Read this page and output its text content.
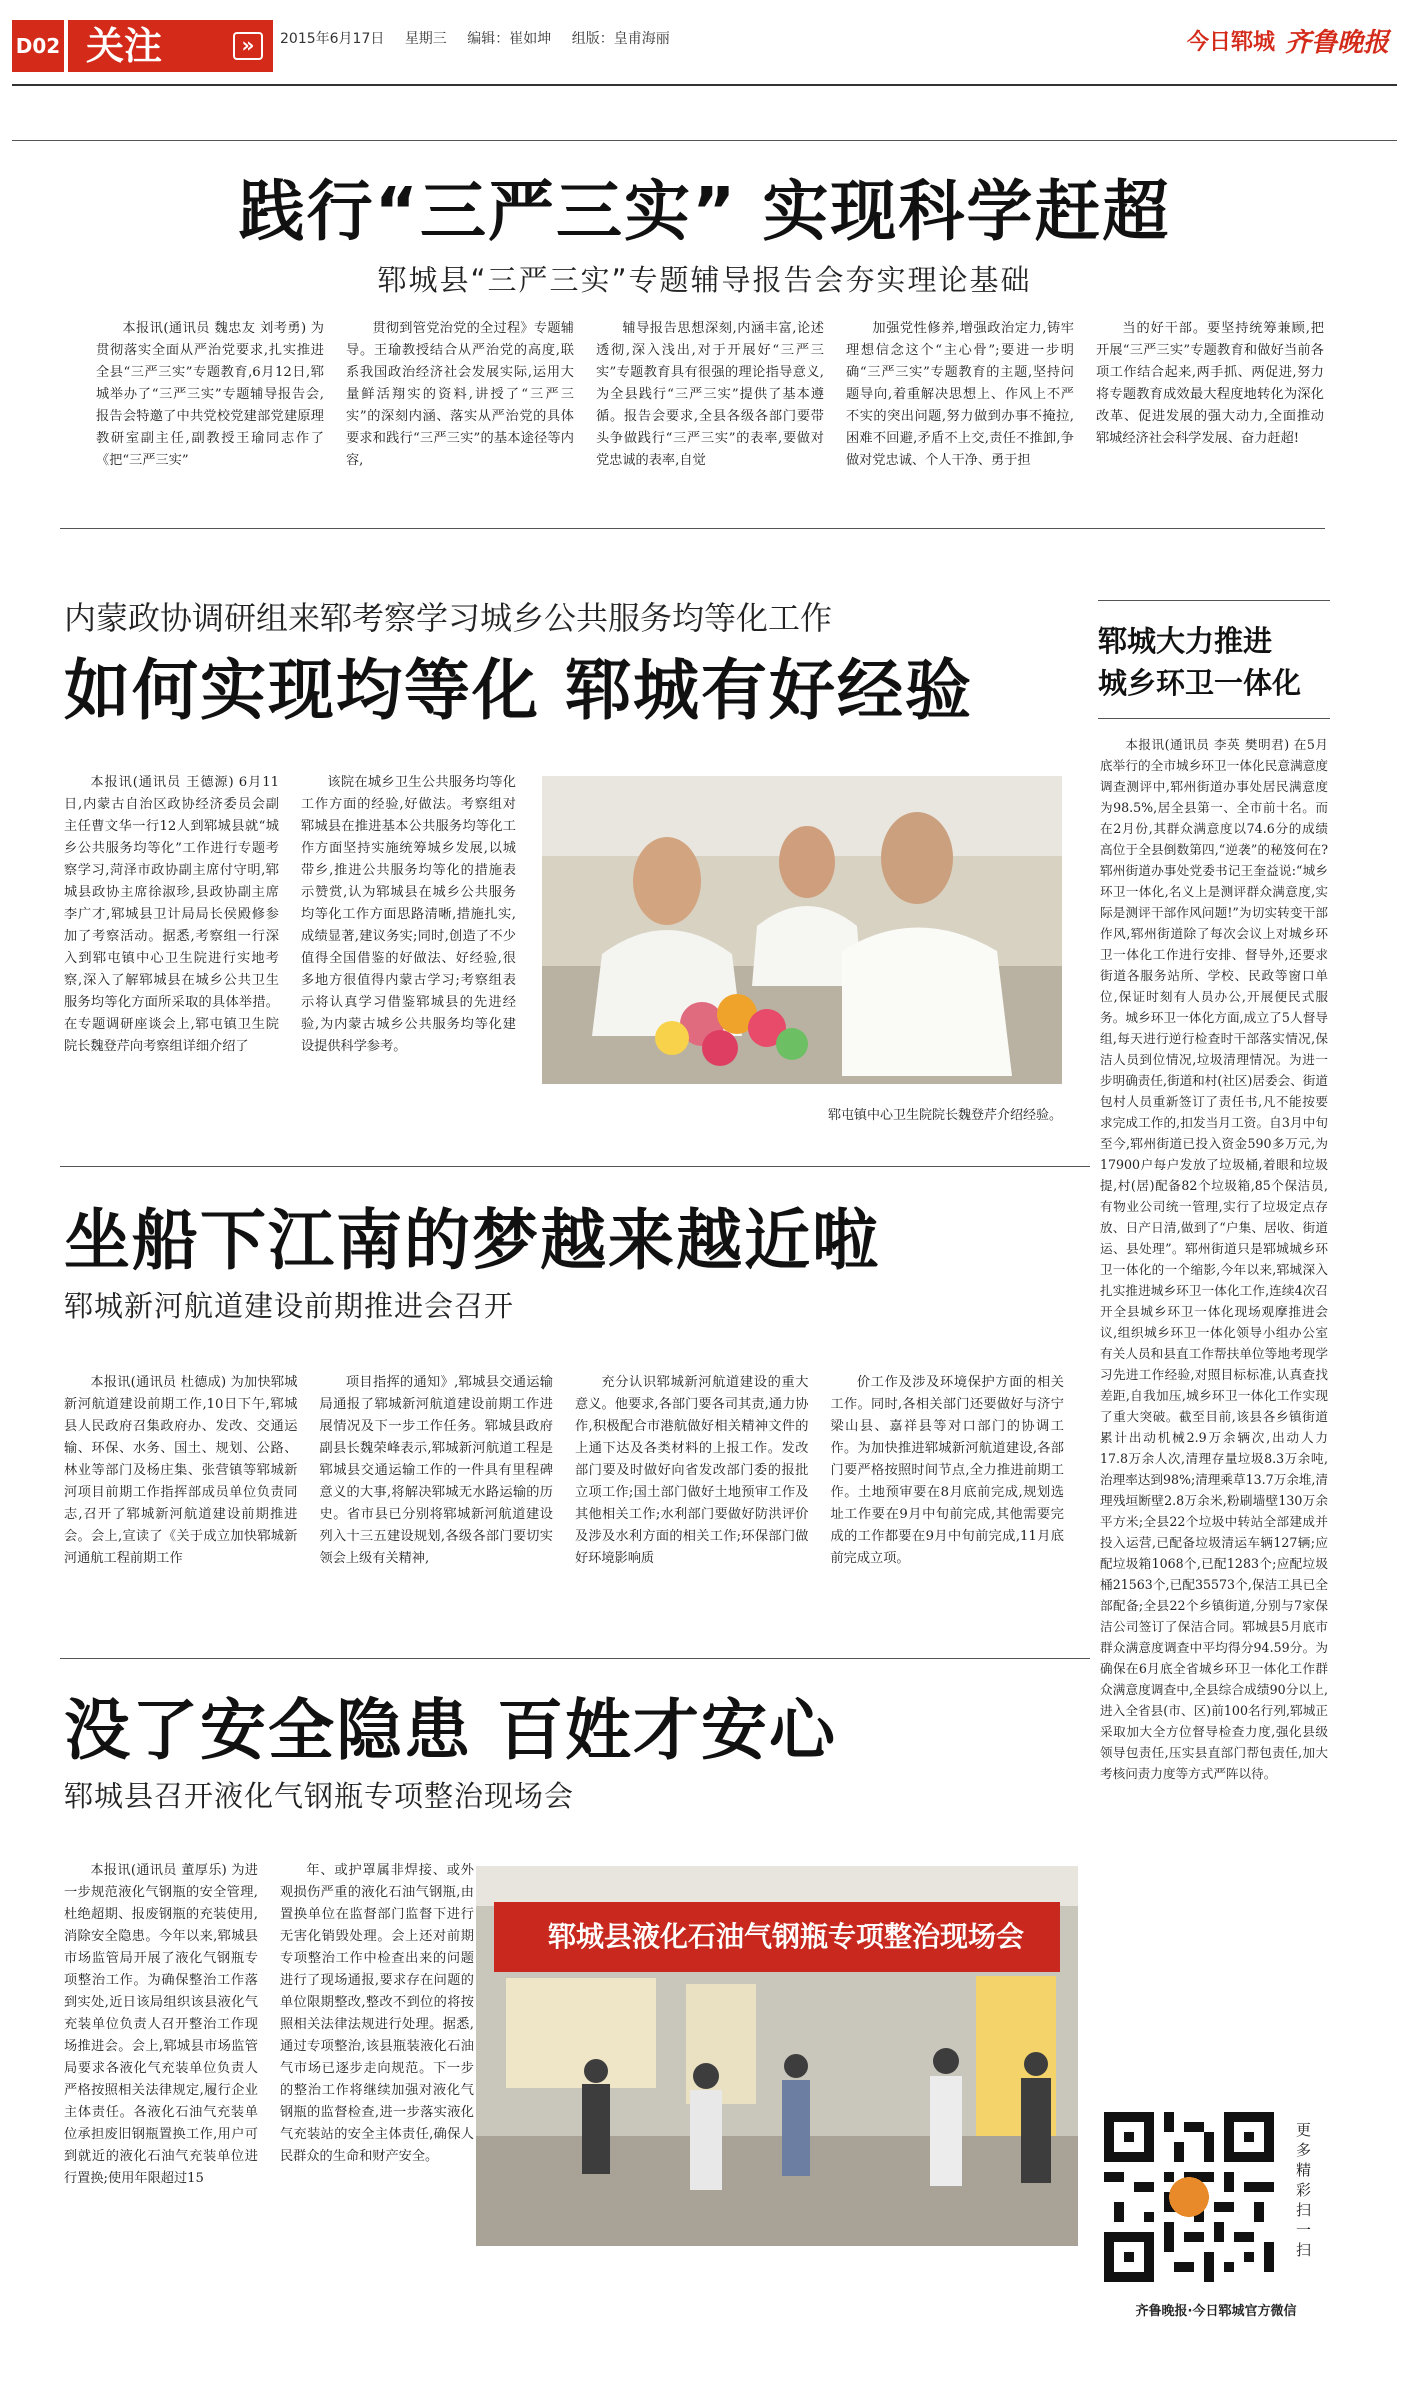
D02 关注	»	2015年6月17日 星期三 编辑：崔如坤 组版：皇甫海丽	今日郓城 齐鲁晚报
践行“三严三实” 实现科学赶超
郓城县“三严三实”专题辅导报告会夯实理论基础

本报讯(通讯员 魏忠友 刘考勇) 为贯彻落实全面从严治党要求,扎实推进全县“三严三实”专题教育,6月12日,郓城举办了“三严三实”专题辅导报告会,报告会特邀了中共党校党建部党建原理教研室副主任,副教授王瑜同志作了《把“三严三实”

贯彻到管党治党的全过程》专题辅导。王瑜教授结合从严治党的高度,联系我国政治经济社会发展实际,运用大量鲜活翔实的资料,讲授了“三严三实”的深刻内涵、落实从严治党的具体要求和践行“三严三实”的基本途径等内容,

辅导报告思想深刻,内涵丰富,论述透彻,深入浅出,对于开展好“三严三实”专题教育具有很强的理论指导意义,为全县践行“三严三实”提供了基本遵循。报告会要求,全县各级各部门要带头争做践行“三严三实”的表率,要做对党忠诚的表率,自觉

加强党性修养,增强政治定力,铸牢理想信念这个“主心骨”;要进一步明确“三严三实”专题教育的主题,坚持问题导向,着重解决思想上、作风上不严不实的突出问题,努力做到办事不掩拉,困难不回避,矛盾不上交,责任不推卸,争做对党忠诚、个人干净、勇于担

当的好干部。要坚持统筹兼顾,把开展“三严三实”专题教育和做好当前各项工作结合起来,两手抓、两促进,努力将专题教育成效最大程度地转化为深化改革、促进发展的强大动力,全面推动郓城经济社会科学发展、奋力赶超!

内蒙政协调研组来郓考察学习城乡公共服务均等化工作
如何实现均等化 郓城有好经验

本报讯(通讯员 王德源) 6月11日,内蒙古自治区政协经济委员会副主任曹文华一行12人到郓城县就“城乡公共服务均等化”工作进行专题考察学习,菏泽市政协副主席付守明,郓城县政协主席徐淑珍,县政协副主席李广才,郓城县卫计局局长侯殿修参加了考察活动。据悉,考察组一行深入到郓屯镇中心卫生院进行实地考察,深入了解郓城县在城乡公共卫生服务均等化方面所采取的具体举措。在专题调研座谈会上,郓屯镇卫生院院长魏登芹向考察组详细介绍了

该院在城乡卫生公共服务均等化工作方面的经验,好做法。考察组对郓城县在推进基本公共服务均等化工作方面坚持实施统筹城乡发展,以城带乡,推进公共服务均等化的措施表示赞赏,认为郓城县在城乡公共服务均等化工作方面思路清晰,措施扎实,成绩显著,建议务实;同时,创造了不少值得全国借鉴的好做法、好经验,很多地方很值得内蒙古学习;考察组表示将认真学习借鉴郓城县的先进经验,为内蒙古城乡公共服务均等化建设提供科学参考。

郓屯镇中心卫生院院长魏登芹介绍经验。
坐船下江南的梦越来越近啦
郓城新河航道建设前期推进会召开

本报讯(通讯员 杜德成) 为加快郓城新河航道建设前期工作,10日下午,郓城县人民政府召集政府办、发改、交通运输、环保、水务、国土、规划、公路、林业等部门及杨庄集、张营镇等郓城新河项目前期工作指挥部成员单位负责同志,召开了郓城新河航道建设前期推进会。会上,宣读了《关于成立加快郓城新河通航工程前期工作

项目指挥的通知》,郓城县交通运输局通报了郓城新河航道建设前期工作进展情况及下一步工作任务。郓城县政府副县长魏荣峰表示,郓城新河航道工程是郓城县交通运输工作的一件具有里程碑意义的大事,将解决郓城无水路运输的历史。省市县已分别将郓城新河航道建设列入十三五建设规划,各级各部门要切实领会上级有关精神,

充分认识郓城新河航道建设的重大意义。他要求,各部门要各司其责,通力协作,积极配合市港航做好相关精神文件的上通下达及各类材料的上报工作。发改部门要及时做好向省发改部门委的报批立项工作;国土部门做好土地预审工作及其他相关工作;水利部门要做好防洪评价及涉及水利方面的相关工作;环保部门做好环境影响质

价工作及涉及环境保护方面的相关工作。同时,各相关部门还要做好与济宁梁山县、嘉祥县等对口部门的协调工作。为加快推进郓城新河航道建设,各部门要严格按照时间节点,全力推进前期工作。土地预审要在8月底前完成,规划选址工作要在9月中旬前完成,其他需要完成的工作都要在9月中旬前完成,11月底前完成立项。

没了安全隐患 百姓才安心
郓城县召开液化气钢瓶专项整治现场会

本报讯(通讯员 董厚乐) 为进一步规范液化气钢瓶的安全管理,杜绝超期、报废钢瓶的充装使用,消除安全隐患。今年以来,郓城县市场监管局开展了液化气钢瓶专项整治工作。为确保整治工作落到实处,近日该局组织该县液化气充装单位负责人召开整治工作现场推进会。会上,郓城县市场监管局要求各液化气充装单位负责人严格按照相关法律规定,履行企业主体责任。各液化石油气充装单位承担废旧钢瓶置换工作,用户可到就近的液化石油气充装单位进行置换;使用年限超过15

年、或护罩属非焊接、或外观损伤严重的液化石油气钢瓶,由置换单位在监督部门监督下进行无害化销毁处理。会上还对前期专项整治工作中检查出来的问题进行了现场通报,要求存在问题的单位限期整改,整改不到位的将按照相关法律法规进行处理。据悉,通过专项整治,该县瓶装液化石油气市场已逐步走向规范。下一步的整治工作将继续加强对液化气钢瓶的监督检查,进一步落实液化气充装站的安全主体责任,确保人民群众的生命和财产安全。

郓城县液化石油气钢瓶专项整治现场会
郓城大力推进
城乡环卫一体化

本报讯(通讯员 李英 樊明君) 在5月底举行的全市城乡环卫一体化民意满意度调查测评中,郓州街道办事处居民满意度为98.5%,居全县第一、全市前十名。而在2月份,其群众满意度以74.6分的成绩高位于全县倒数第四,“逆袭”的秘笈何在?郓州街道办事处党委书记王奎益说:“城乡环卫一体化,名义上是测评群众满意度,实际是测评干部作风问题!”为切实转变干部作风,郓州街道除了每次会议上对城乡环卫一体化工作进行安排、督导外,还要求街道各服务站所、学校、民政等窗口单位,保证时刻有人员办公,开展便民式服务。城乡环卫一体化方面,成立了5人督导组,每天进行逆行检查时干部落实情况,保洁人员到位情况,垃圾清理情况。为进一步明确责任,街道和村(社区)居委会、街道包村人员重新签订了责任书,凡不能按要求完成工作的,扣发当月工资。自3月中旬至今,郓州街道已投入资金590多万元,为17900户每户发放了垃圾桶,着眼和垃圾提,村(居)配备82个垃圾箱,85个保洁员,有物业公司统一管理,实行了垃圾定点存放、日产日清,做到了“户集、居收、街道运、县处理”。郓州街道只是郓城城乡环卫一体化的一个缩影,今年以来,郓城深入扎实推进城乡环卫一体化工作,连续4次召开全县城乡环卫一体化现场观摩推进会议,组织城乡环卫一体化领导小组办公室有关人员和县直工作帮扶单位等地考现学习先进工作经验,对照目标标准,认真查找差距,自我加压,城乡环卫一体化工作实现了重大突破。截至目前,该县各乡镇街道累计出动机械2.9万余辆次,出动人力17.8万余人次,清理存量垃圾8.3万余吨,治理率达到98%;清理乘草13.7万余堆,清理残垣断壁2.8万余米,粉刷墙壁130万余平方米;全县22个垃圾中转站全部建成并投入运营,已配备垃圾清运车辆127辆;应配垃圾箱1068个,已配1283个;应配垃圾桶21563个,已配35573个,保洁工具已全部配备;全县22个乡镇街道,分别与7家保洁公司签订了保洁合同。郓城县5月底市群众满意度调查中平均得分94.59分。为确保在6月底全省城乡环卫一体化工作群众满意度调查中,全县综合成绩90分以上,进入全省县(市、区)前100名行列,郓城正采取加大全方位督导检查力度,强化县级领导包责任,压实县直部门帮包责任,加大考核问责力度等方式严阵以待。

更多精彩 扫一扫
齐鲁晚报·今日郓城官方微信
